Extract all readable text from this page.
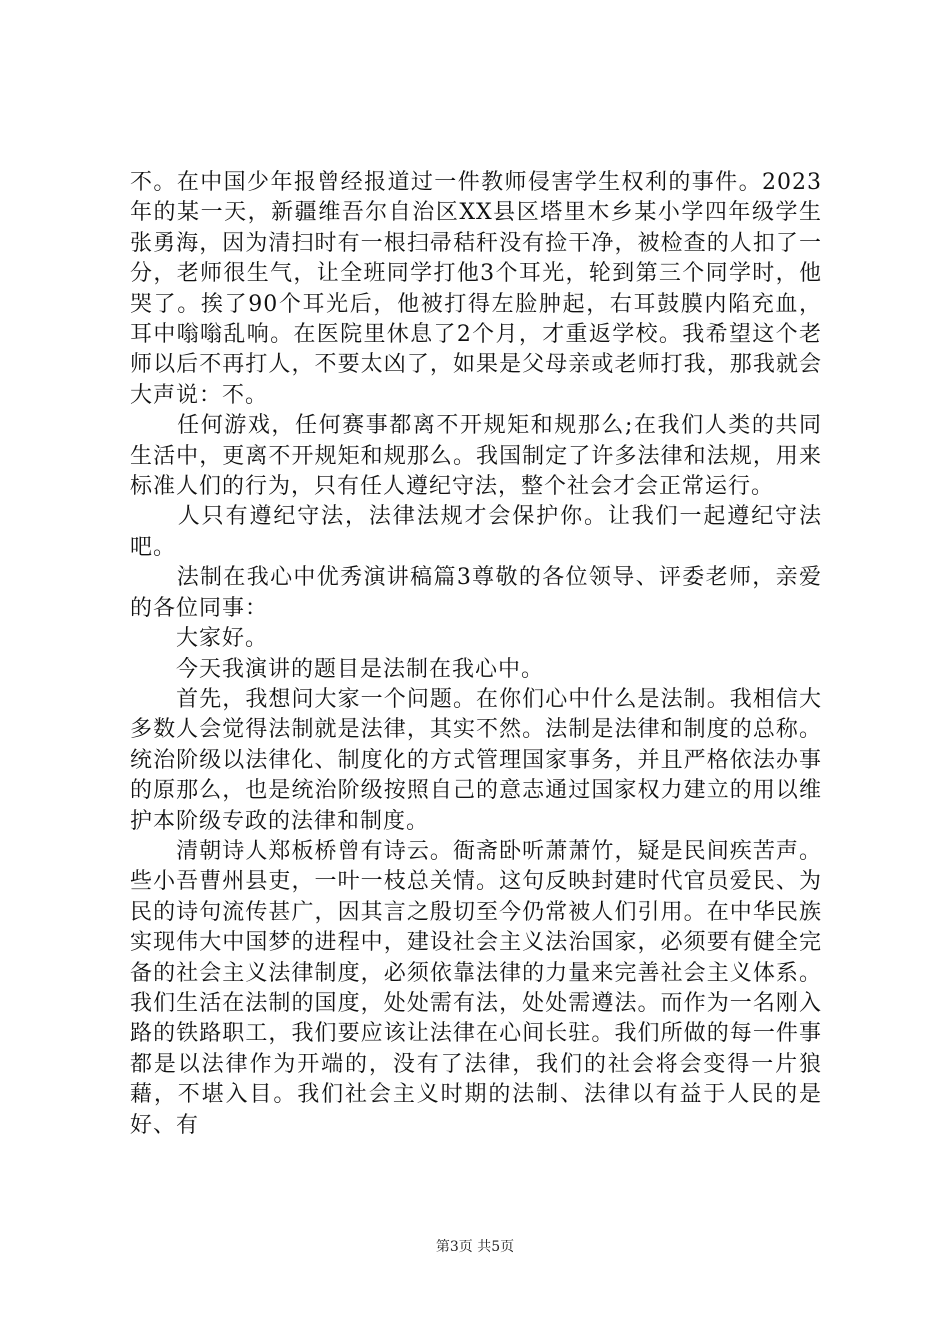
不。在中国少年报曾经报道过一件教师侵害学生权利的事件。2023年的某一天，新疆维吾尔自治区XX县区塔里木乡某小学四年级学生张勇海，因为清扫时有一根扫帚秸秆没有捡干净，被检查的人扣了一分，老师很生气，让全班同学打他3个耳光，轮到第三个同学时，他哭了。挨了90个耳光后，他被打得左脸肿起，右耳鼓膜内陷充血，耳中嗡嗡乱响。在医院里休息了2个月，才重返学校。我希望这个老师以后不再打人，不要太凶了，如果是父母亲或老师打我，那我就会大声说：不。

　　任何游戏，任何赛事都离不开规矩和规那么;在我们人类的共同生活中，更离不开规矩和规那么。我国制定了许多法律和法规，用来标准人们的行为，只有任人遵纪守法，整个社会才会正常运行。

　　人只有遵纪守法，法律法规才会保护你。让我们一起遵纪守法吧。

　　法制在我心中优秀演讲稿篇3尊敬的各位领导、评委老师，亲爱的各位同事：

　　大家好。

　　今天我演讲的题目是法制在我心中。

　　首先，我想问大家一个问题。在你们心中什么是法制。我相信大多数人会觉得法制就是法律，其实不然。法制是法律和制度的总称。统治阶级以法律化、制度化的方式管理国家事务，并且严格依法办事的原那么，也是统治阶级按照自己的意志通过国家权力建立的用以维护本阶级专政的法律和制度。

　　清朝诗人郑板桥曾有诗云。衙斋卧听萧萧竹，疑是民间疾苦声。些小吾曹州县吏，一叶一枝总关情。这句反映封建时代官员爱民、为民的诗句流传甚广，因其言之殷切至今仍常被人们引用。在中华民族实现伟大中国梦的进程中，建设社会主义法治国家，必须要有健全完备的社会主义法律制度，必须依靠法律的力量来完善社会主义体系。我们生活在法制的国度，处处需有法，处处需遵法。而作为一名刚入路的铁路职工，我们要应该让法律在心间长驻。我们所做的每一件事都是以法律作为开端的，没有了法律，我们的社会将会变得一片狼藉，不堪入目。我们社会主义时期的法制、法律以有益于人民的是好、有

第3页 共5页
